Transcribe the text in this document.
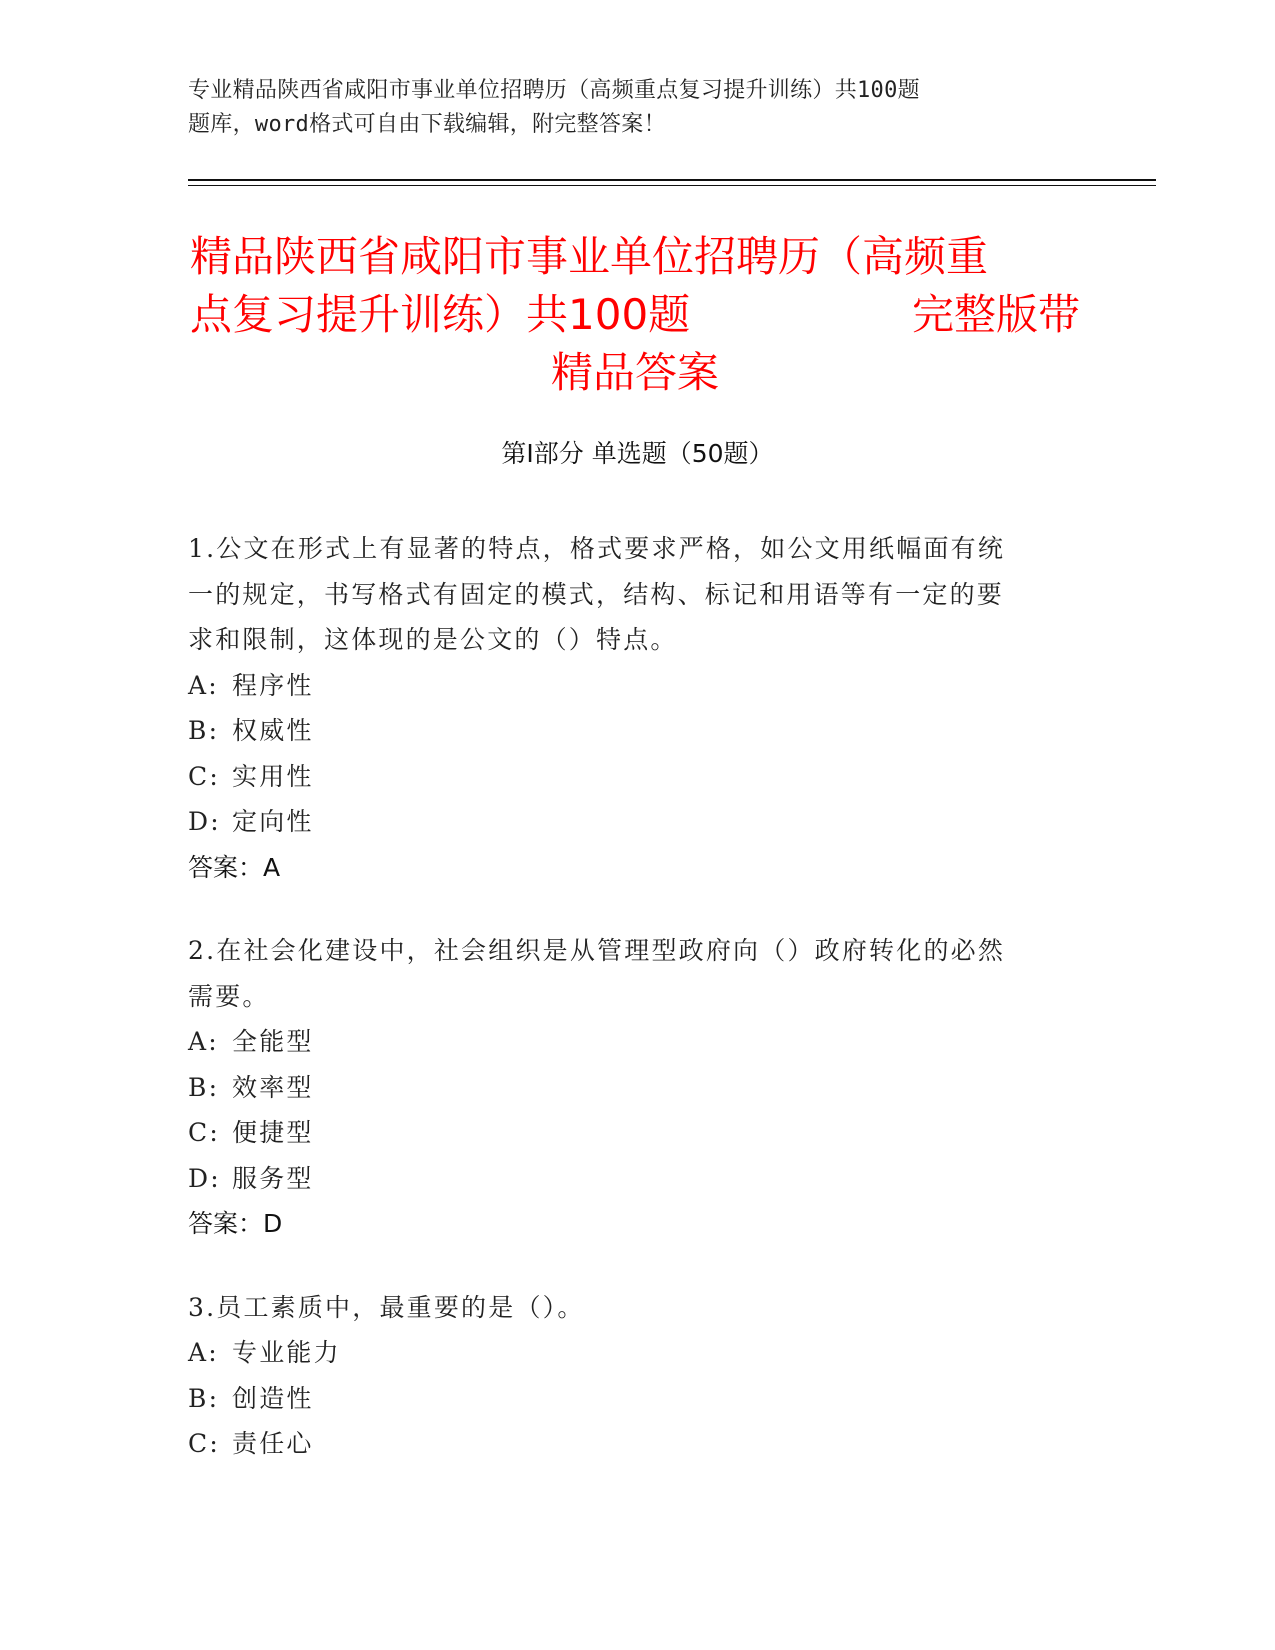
专业精品陕西省咸阳市事业单位招聘历（高频重点复习提升训练）共100题
题库，word格式可自由下载编辑，附完整答案！
精品陕西省咸阳市事业单位招聘历（高频重
点复习提升训练）共100题	完整版带
精品答案
第Ⅰ部分 单选题（50题）
1.公文在形式上有显著的特点，格式要求严格，如公文用纸幅面有统
一的规定，书写格式有固定的模式，结构、标记和用语等有一定的要
求和限制，这体现的是公文的（）特点。
A: 程序性
B: 权威性
C: 实用性
D: 定向性
答案：A
2.在社会化建设中，社会组织是从管理型政府向（）政府转化的必然
需要。
A: 全能型
B: 效率型
C: 便捷型
D: 服务型
答案：D
3.员工素质中，最重要的是（）。
A: 专业能力
B: 创造性
C: 责任心
